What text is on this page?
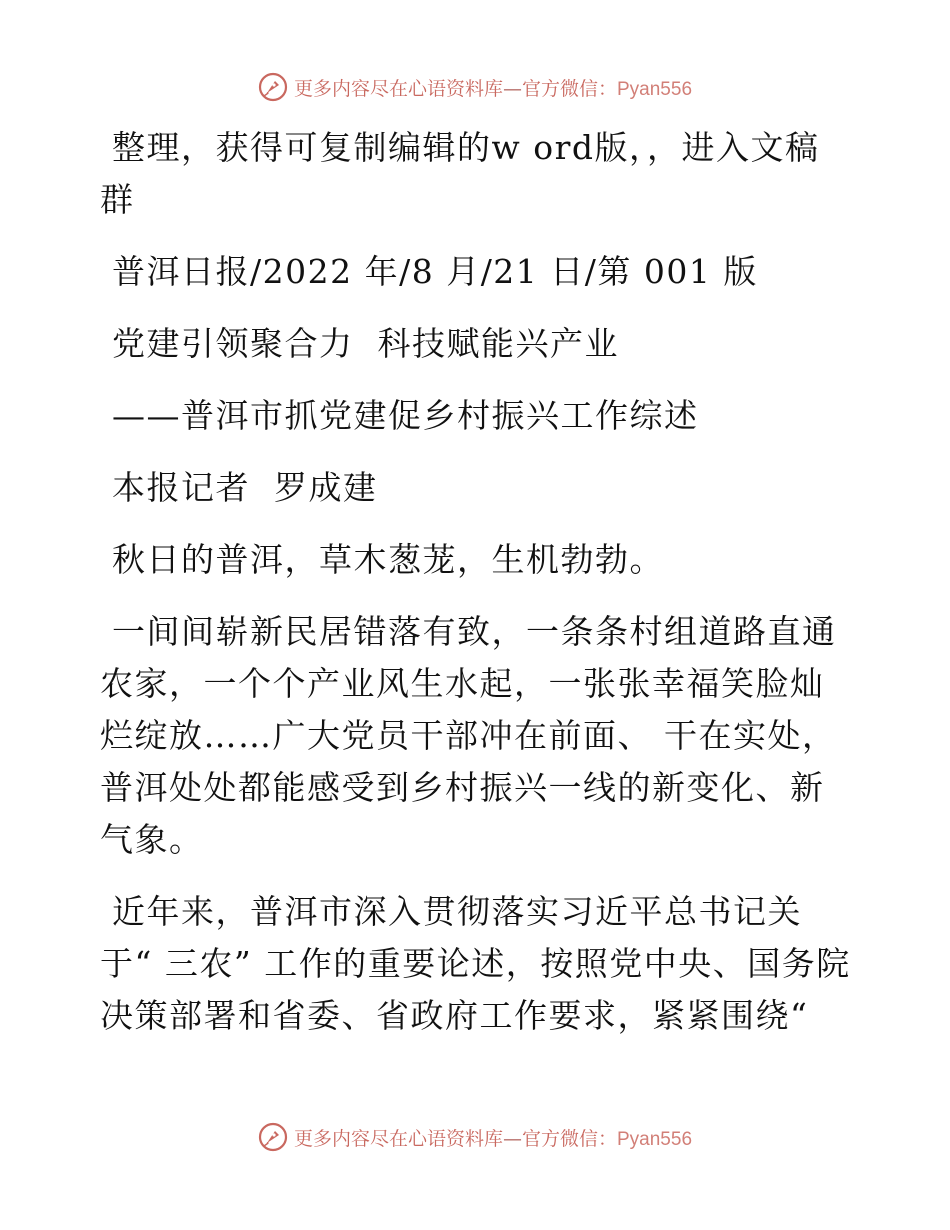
更多内容尽在心语资料库—官方微信：Pyan556

整理，获得可复制编辑的w ord版，，进入文稿群

普洱日报/2022 年/8 月/21 日/第 001 版

党建引领聚合力  科技赋能兴产业

——普洱市抓党建促乡村振兴工作综述

本报记者  罗成建

秋日的普洱，草木葱茏，生机勃勃。

一间间崭新民居错落有致，一条条村组道路直通农家，一个个产业风生水起，一张张幸福笑脸灿烂绽放……广大党员干部冲在前面、 干在实处， 普洱处处都能感受到乡村振兴一线的新变化、新气象。

近年来，普洱市深入贯彻落实习近平总书记关于“ 三农” 工作的重要论述，按照党中央、国务院决策部署和省委、省政府工作要求，紧紧围绕“

更多内容尽在心语资料库—官方微信：Pyan556
